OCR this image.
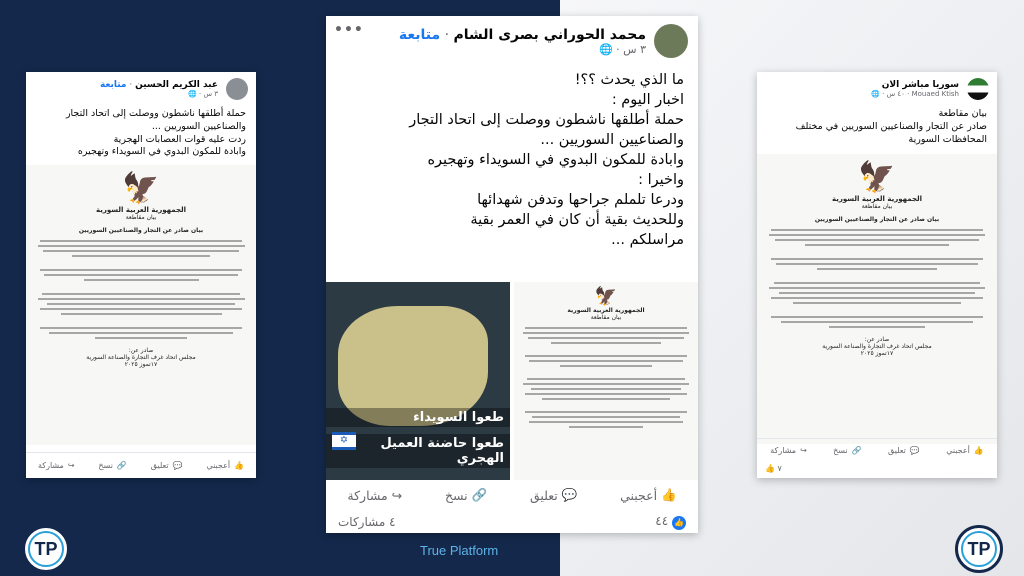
عبد الكريم الحسين · متابعة
٣ س · 🌐
حملة أطلقها ناشطون ووصلت إلى اتحاد التجار والصناعيين السوريين ...
ردت عليه قوات العصابات الهجرية
وابادة للمكون البدوي في السويداء وتهجيره
🦅
الجمهورية العربية السورية
بيان مقاطعة
بيان صادر عن التجار والصناعيين السوريين
صادر عن:
مجلس اتحاد غرف التجارة والصناعة السورية
١٧تموز ٢٠٢٥
👍
أعجبني
💬
تعليق
🔗
نسخ
↪
مشاركة
محمد الحوراني بصرى الشام · متابعة
٣ س · 🌐
•••
ما الذي يحدث ؟؟!
اخبار اليوم :
حملة أطلقها ناشطون ووصلت إلى اتحاد التجار والصناعيين السوريين ...
وابادة للمكون البدوي في السويداء وتهجيره
واخيرا :
ودرعا تلملم جراحها وتدفن شهدائها
وللحديث بقية أن كان في العمر بقية
مراسلكم ...
طعوا السويداء
طعوا حاضنة العميل الهجري
✡
🦅
الجمهورية العربية السورية
بيان مقاطعة
👍
أعجبني
💬
تعليق
🔗
نسخ
↪
مشاركة
👍 ٤٤
٤ مشاركات
سوريا مباشر الان
Mouaed Ktish · ٤٠ س · 🌐
بيان مقاطعة
صادر عن التجار والصناعيين السوريين في مختلف المحافظات السورية
🦅
الجمهورية العربية السورية
بيان مقاطعة
بيان صادر عن التجار والصناعيين السوريين
صادر عن:
مجلس اتحاد غرف التجارة والصناعة السورية
١٧تموز ٢٠٢٥
👍
أعجبني
💬
تعليق
🔗
نسخ
↪
مشاركة
٧ 👍
TP	TP
True Platform
